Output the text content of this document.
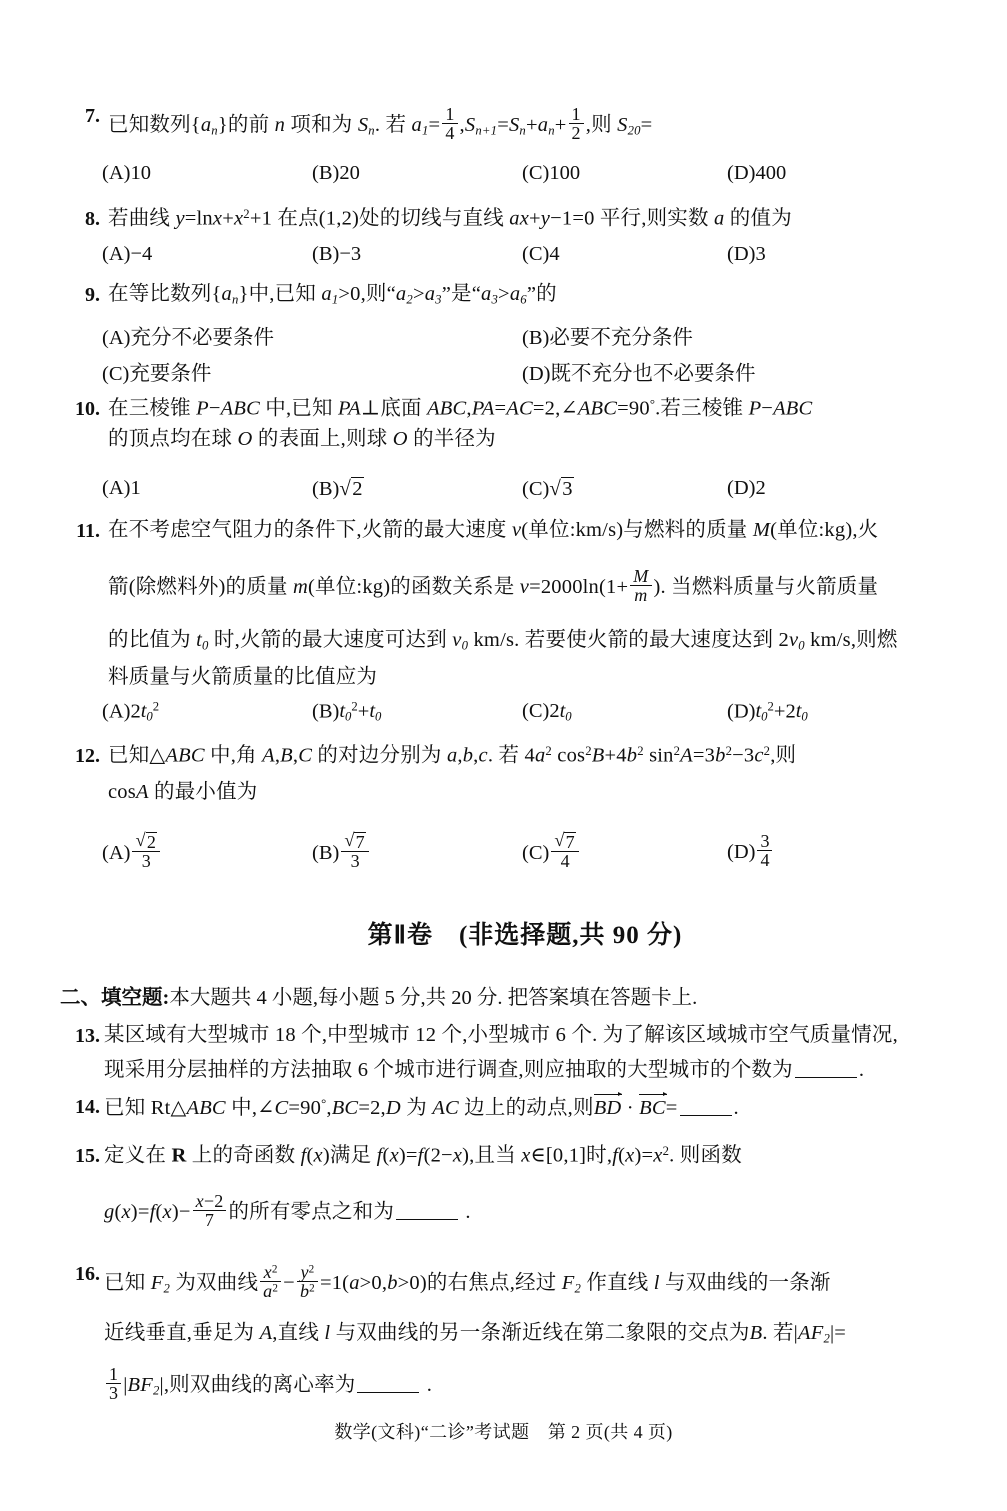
7. 已知数列$\{a_n\}$的前 n 项和为 $S_n$. 若 $a_1= \frac{1}{4} ,S_{n+1}=S_n+a_n+ \frac{1}{2}$ ,则 $S_{20}=$
(A)10	(B)20	(C)100	(D)400
8. 若曲线 $y=\ln x+x^2+1$ 在点(1,2)处的切线与直线 ax+y−1=0 平行,则实数 a 的值为
(A)−4	(B)−3	(C)4	(D)3
9. 在等比数列$\{a_n\}$中,已知 $a_1>0$,则“$a_2>a_3$”是“$a_3>a_6$”的
(A)充分不必要条件	(B)必要不充分条件
(C)充要条件	(D)既不充分也不必要条件
10. 在三棱锥 P−ABC 中,已知 PA⊥底面 ABC,PA=AC=2,∠ABC=90°.若三棱锥 P−ABC
的顶点均在球 O 的表面上,则球 O 的半径为
(A)1	(B) √ 2	(C) √ 3	(D)2
11. 在不考虑空气阻力的条件下,火箭的最大速度 v(单位:km/s)与燃料的质量 M(单位:kg),火
箭(除燃料外)的质量 m(单位:kg)的函数关系是 $v=2000\ln(1+ \frac{M}{m}$ ). 当燃料质量与火箭质量
的比值为 $t_0$ 时,火箭的最大速度可达到 $v_0$ km/s. 若要使火箭的最大速度达到 $2v_0$ km/s,则燃
料质量与火箭质量的比值应为
$(A)2t_0^2$	$(B)t_0^2+t_0$	$(C)2t_0$	$(D)t_0^2+2t_0$
12. 已知△ABC 中,角 A,B,C 的对边分别为 a,b,c. 若 $4a^2$ $\cos^2B+4b^2$ $\sin^2A=3b^2-3c^2$,则
cosA 的最小值为
(A) √ $\frac{2}{3}$	(B) √ $\frac{7}{3}$	(C) √ $\frac{7}{4}$	$(D) \frac{3}{4}$
第Ⅱ卷　(非选择题,共 90 分)
二、填空题:本大题共 4 小题,每小题 5 分,共 20 分. 把答案填在答题卡上.
13. 某区域有大型城市 18 个,中型城市 12 个,小型城市 6 个. 为了解该区域城市空气质量情况,
现采用分层抽样的方法抽取 6 个城市进行调查,则应抽取的大型城市的个数为	.
14. 已知 Rt△ABC 中,∠C=90°,BC=2,D 为 AC 边上的动点,则BD · BC=	.
15. 定义在 R 上的奇函数 f(x)满足 f(x)=f(2−x),且当 x∈[0,1]时$,f(x)=x^2$. 则函数
$g(x)=f(x)- \frac{x-2}{7}$ 的所有零点之和为	.
16. 已知 $F_2$ 为双曲线 $\frac{x^2}{a^2} - \frac{y^2}{b^2} =1(a>0,b>0)$的右焦点,经过 $F_2$ 作直线 l 与双曲线的一条渐
近线垂直,垂足为 A,直线 l 与双曲线的另一条渐近线在第二象限的交点为B. 若$|AF_2|=$
$\frac{1}{3} |BF_2|$,则双曲线的离心率为	.
数学(文科)“二诊”考试题　第 2 页(共 4 页)
